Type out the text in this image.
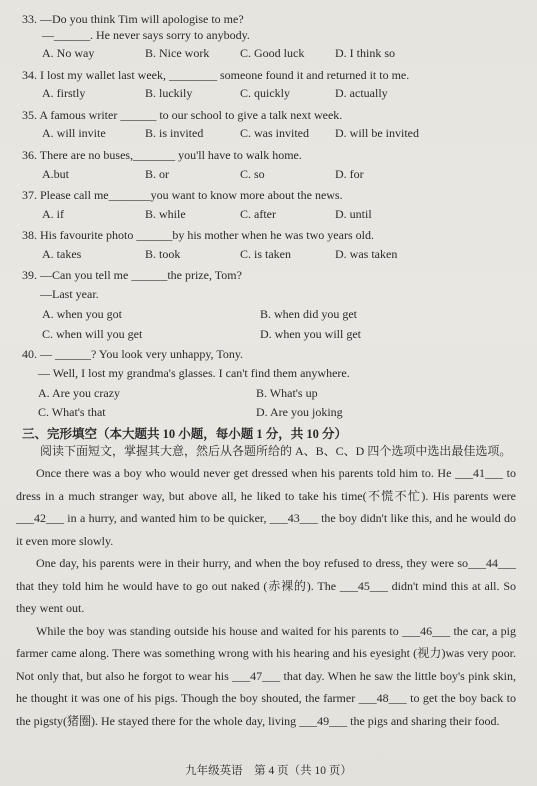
33. —Do you think Tim will apologise to me?
—______. He never says sorry to anybody.
A. No way	B. Nice work	C. Good luck	D. I think so
34. I lost my wallet last week, ________ someone found it and returned it to me.
A. firstly	B. luckily	C. quickly	D. actually
35. A famous writer ______ to our school to give a talk next week.
A. will invite	B. is invited	C. was invited D. will be invited
36. There are no buses,_______ you'll have to walk home.
A.but	B. or	C. so	D. for
37. Please call me_______you want to know more about the news.
A. if	B. while	C. after	D. until
38. His favourite photo ______by his mother when he was two years old.
A. takes	B. took	C. is taken	D. was taken
39. —Can you tell me ______the prize, Tom?
—Last year.
A. when you got	B. when did you get
C. when will you get	D. when you will get
40. — ______? You look very unhappy, Tony.
— Well, I lost my grandma's glasses. I can't find them anywhere.
A. Are you crazy	B. What's up
C. What's that	D. Are you joking
三、完形填空（本大题共 10 小题，每小题 1 分，共 10 分）
阅读下面短文，掌握其大意，然后从各题所给的 A、B、C、D 四个选项中选出最佳选项。

Once there was a boy who would never get dressed when his parents told him to. He ___41___ to dress in a much stranger way, but above all, he liked to take his time(不慌不忙). His parents were ___42___ in a hurry, and wanted him to be quicker, ___43___ the boy didn't like this, and he would do it even more slowly.

One day, his parents were in their hurry, and when the boy refused to dress, they were so___44___ that they told him he would have to go out naked (赤裸的). The ___45___ didn't mind this at all. So they went out.

While the boy was standing outside his house and waited for his parents to ___46___ the car, a pig farmer came along. There was something wrong with his hearing and his eyesight (视力)was very poor. Not only that, but also he forgot to wear his ___47___ that day. When he saw the little boy's pink skin, he thought it was one of his pigs. Though the boy shouted, the farmer ___48___ to get the boy back to the pigsty(猪圈). He stayed there for the whole day, living ___49___ the pigs and sharing their food.

九年级英语　第 4 页（共 10 页）
